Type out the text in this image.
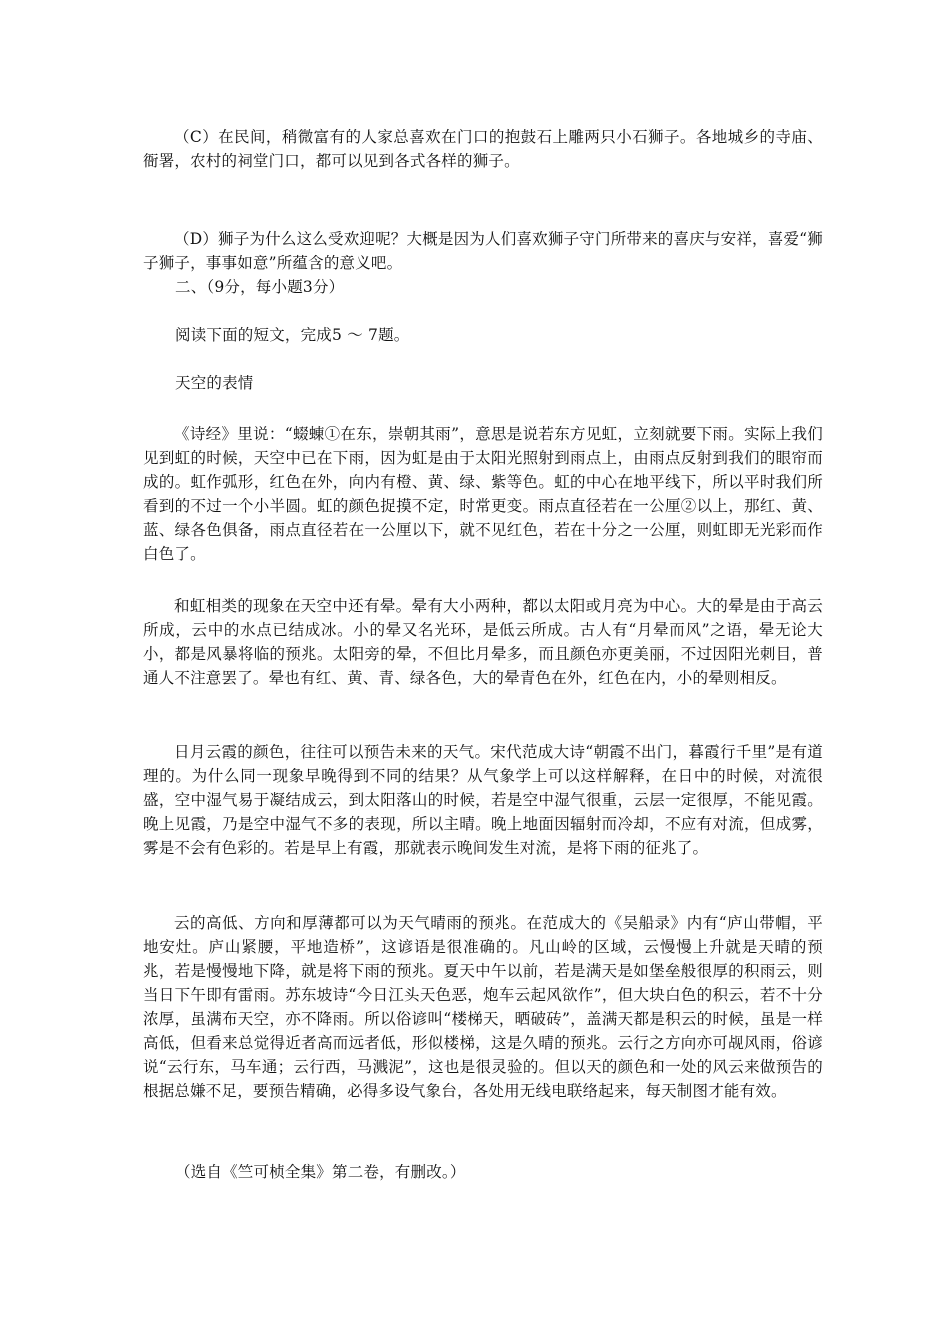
（C）在民间，稍微富有的人家总喜欢在门口的抱鼓石上雕两只小石狮子。各地城乡的寺庙、衙署，农村的祠堂门口，都可以见到各式各样的狮子。
（D）狮子为什么这么受欢迎呢？大概是因为人们喜欢狮子守门所带来的喜庆与安祥，喜爱“狮子狮子，事事如意”所蕴含的意义吧。
二、（9分，每小题3分）
阅读下面的短文，完成5 ～ 7题。
天空的表情
《诗经》里说：“蝃蝀①在东，崇朝其雨”，意思是说若东方见虹，立刻就要下雨。实际上我们见到虹的时候，天空中已在下雨，因为虹是由于太阳光照射到雨点上，由雨点反射到我们的眼帘而成的。虹作弧形，红色在外，向内有橙、黄、绿、紫等色。虹的中心在地平线下，所以平时我们所看到的不过一个小半圆。虹的颜色捉摸不定，时常更变。雨点直径若在一公厘②以上，那红、黄、蓝、绿各色俱备，雨点直径若在一公厘以下，就不见红色，若在十分之一公厘，则虹即无光彩而作白色了。
和虹相类的现象在天空中还有晕。晕有大小两种，都以太阳或月亮为中心。大的晕是由于高云所成，云中的水点已结成冰。小的晕又名光环，是低云所成。古人有“月晕而风”之语，晕无论大小，都是风暴将临的预兆。太阳旁的晕，不但比月晕多，而且颜色亦更美丽，不过因阳光刺目，普通人不注意罢了。晕也有红、黄、青、绿各色，大的晕青色在外，红色在内，小的晕则相反。
日月云霞的颜色，往往可以预告未来的天气。宋代范成大诗“朝霞不出门，暮霞行千里”是有道理的。为什么同一现象早晚得到不同的结果？从气象学上可以这样解释，在日中的时候，对流很盛，空中湿气易于凝结成云，到太阳落山的时候，若是空中湿气很重，云层一定很厚，不能见霞。晚上见霞，乃是空中湿气不多的表现，所以主晴。晚上地面因辐射而冷却，不应有对流，但成雾，雾是不会有色彩的。若是早上有霞，那就表示晚间发生对流，是将下雨的征兆了。
云的高低、方向和厚薄都可以为天气晴雨的预兆。在范成大的《吴船录》内有“庐山带帽，平地安灶。庐山紧腰，平地造桥”，这谚语是很准确的。凡山岭的区域，云慢慢上升就是天晴的预兆，若是慢慢地下降，就是将下雨的预兆。夏天中午以前，若是满天是如堡垒般很厚的积雨云，则当日下午即有雷雨。苏东坡诗“今日江头天色恶，炮车云起风欲作”，但大块白色的积云，若不十分浓厚，虽满布天空，亦不降雨。所以俗谚叫“楼梯天，晒破砖”，盖满天都是积云的时候，虽是一样高低，但看来总觉得近者高而远者低，形似楼梯，这是久晴的预兆。云行之方向亦可觇风雨，俗谚说“云行东，马车通；云行西，马溅泥”，这也是很灵验的。但以天的颜色和一处的风云来做预告的根据总嫌不足，要预告精确，必得多设气象台，各处用无线电联络起来，每天制图才能有效。
（选自《竺可桢全集》第二卷，有删改。）
